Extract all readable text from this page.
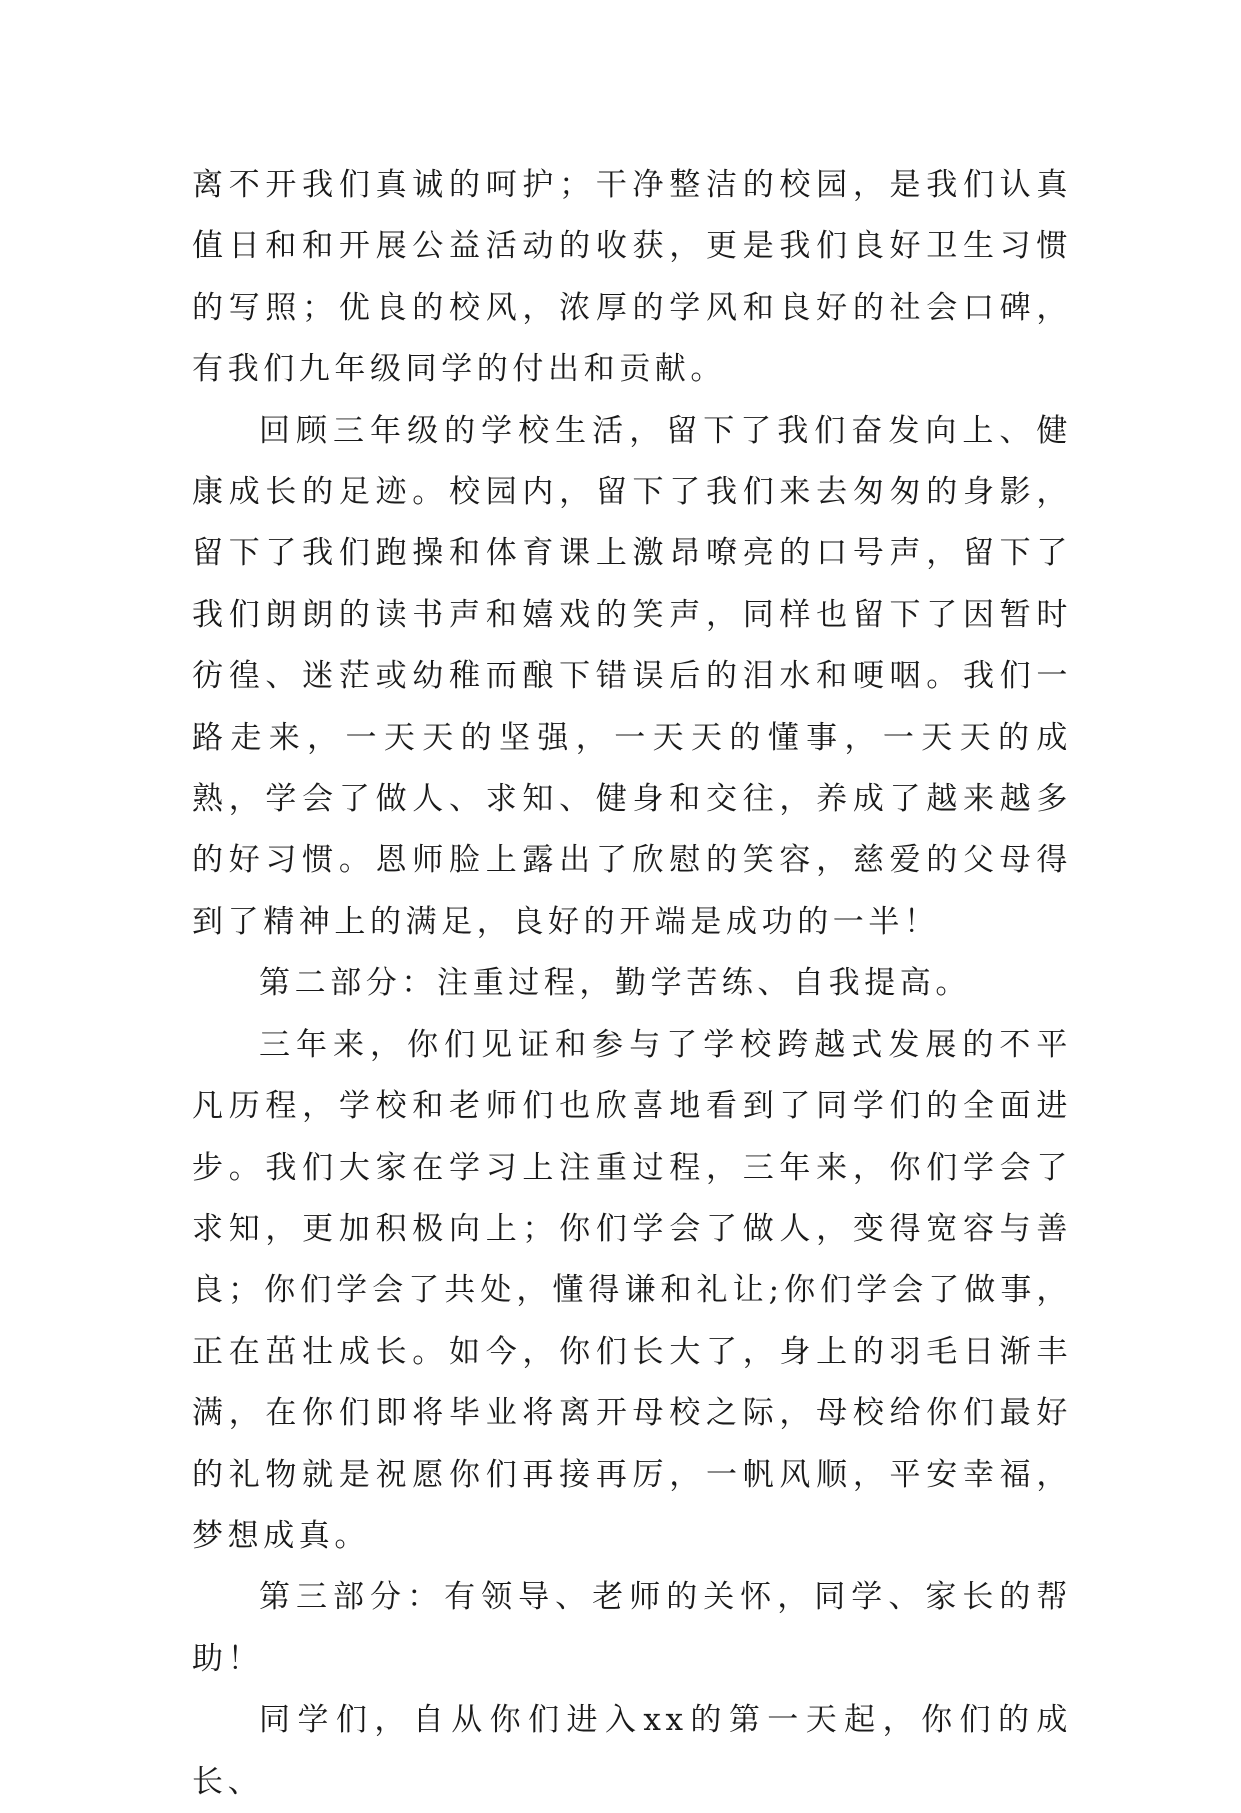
离不开我们真诚的呵护；干净整洁的校园，是我们认真值日和和开展公益活动的收获，更是我们良好卫生习惯的写照；优良的校风，浓厚的学风和良好的社会口碑，有我们九年级同学的付出和贡献。

回顾三年级的学校生活，留下了我们奋发向上、健康成长的足迹。校园内，留下了我们来去匆匆的身影，留下了我们跑操和体育课上激昂嘹亮的口号声，留下了我们朗朗的读书声和嬉戏的笑声，同样也留下了因暂时彷徨、迷茫或幼稚而酿下错误后的泪水和哽咽。我们一路走来，一天天的坚强，一天天的懂事，一天天的成熟，学会了做人、求知、健身和交往，养成了越来越多的好习惯。恩师脸上露出了欣慰的笑容，慈爱的父母得到了精神上的满足，良好的开端是成功的一半！

第二部分：注重过程，勤学苦练、自我提高。

三年来，你们见证和参与了学校跨越式发展的不平凡历程，学校和老师们也欣喜地看到了同学们的全面进步。我们大家在学习上注重过程，三年来，你们学会了求知，更加积极向上；你们学会了做人，变得宽容与善良；你们学会了共处，懂得谦和礼让;你们学会了做事，正在茁壮成长。如今，你们长大了，身上的羽毛日渐丰满，在你们即将毕业将离开母校之际，母校给你们最好的礼物就是祝愿你们再接再厉，一帆风顺，平安幸福，梦想成真。

第三部分：有领导、老师的关怀，同学、家长的帮助！

同学们，自从你们进入xx的第一天起，你们的成长、
